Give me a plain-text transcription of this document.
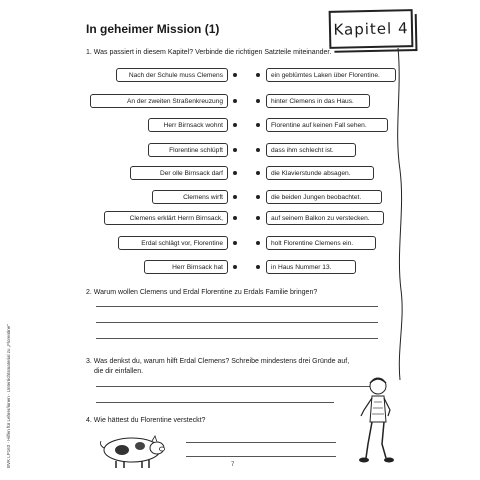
In geheimer Mission (1)	Kapitel 4
1. Was passiert in diesem Kapitel? Verbinde die richtigen Satzteile miteinander.
Nach der Schule muss Clemens
An der zweiten Straßenkreuzung
Herr Birnsack wohnt
Florentine schlüpft
Der olle Birnsack darf
Clemens wirft
Clemens erklärt Herrn Birnsack,
Erdal schlägt vor, Florentine
Herr Birnsack hat
ein geblümtes Laken über Florentine.
hinter Clemens in das Haus.
Florentine auf keinen Fall sehen.
dass ihm schlecht ist.
die Klavierstunde absagen.
die beiden Jungen beobachtet.
auf seinem Balkon zu verstecken.
holt Florentine Clemens ein.
in Haus Nummer 13.
2. Warum wollen Clemens und Erdal Florentine zu Erdals Familie bringen?
3. Was denkst du, warum hilft Erdal Clemens? Schreibe mindestens drei Gründe auf,
die dir einfallen.
4. Wie hättest du Florentine versteckt?
7
BVK LP163 · Hilfen für Lehrer/innen · Unterrichtsmaterial zu „Florentine“
